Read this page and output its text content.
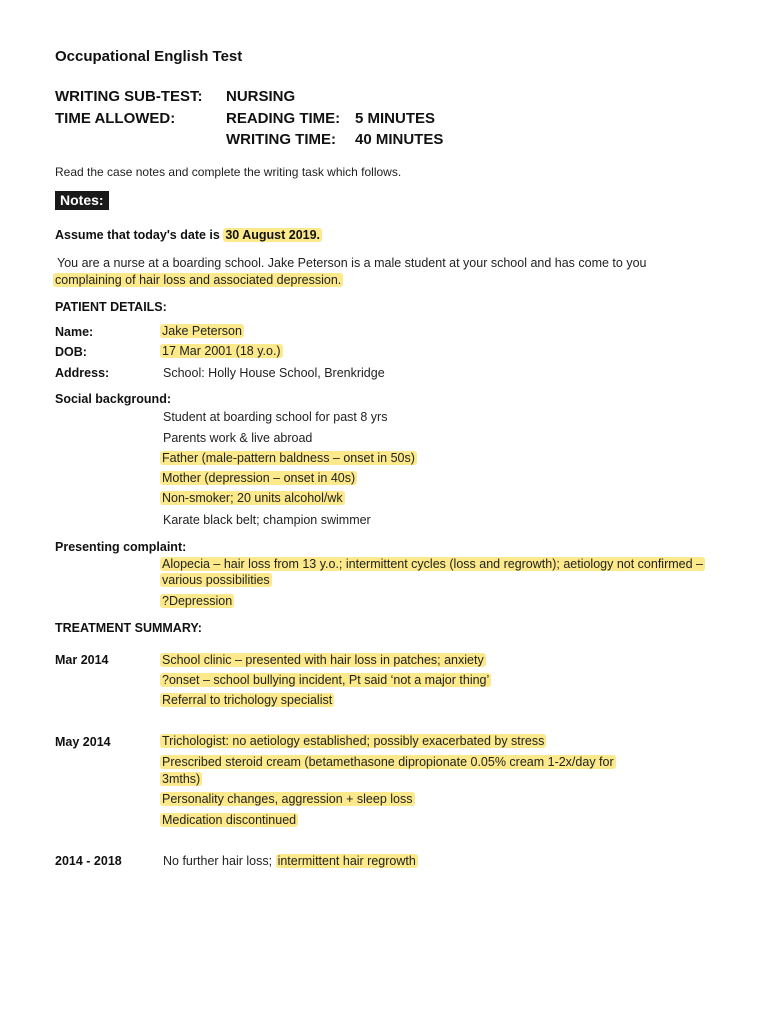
Occupational English Test
WRITING SUB-TEST: NURSING
TIME ALLOWED:	READING TIME: 5 MINUTES
WRITING TIME: 40 MINUTES
Read the case notes and complete the writing task which follows.
Notes:
Assume that today's date is 30 August 2019.
You are a nurse at a boarding school. Jake Peterson is a male student at your school and has come to you
complaining of hair loss and associated depression.
PATIENT DETAILS:
Name:	Jake Peterson
DOB:	17 Mar 2001 (18 y.o.)
Address:	School: Holly House School, Brenkridge
Social background:
Student at boarding school for past 8 yrs
Parents work & live abroad
Father (male-pattern baldness – onset in 50s)
Mother (depression – onset in 40s)
Non-smoker; 20 units alcohol/wk
Karate black belt; champion swimmer
Presenting complaint:
Alopecia – hair loss from 13 y.o.; intermittent cycles (loss and regrowth); aetiology not confirmed –
various possibilities
?Depression
TREATMENT SUMMARY:
Mar 2014	School clinic – presented with hair loss in patches; anxiety
?onset – school bullying incident, Pt said ‘not a major thing’
Referral to trichology specialist
May 2014	Trichologist: no aetiology established; possibly exacerbated by stress
Prescribed steroid cream (betamethasone dipropionate 0.05% cream 1-2x/day for
3mths)
Personality changes, aggression + sleep loss
Medication discontinued
2014 - 2018	No further hair loss; intermittent hair regrowth
